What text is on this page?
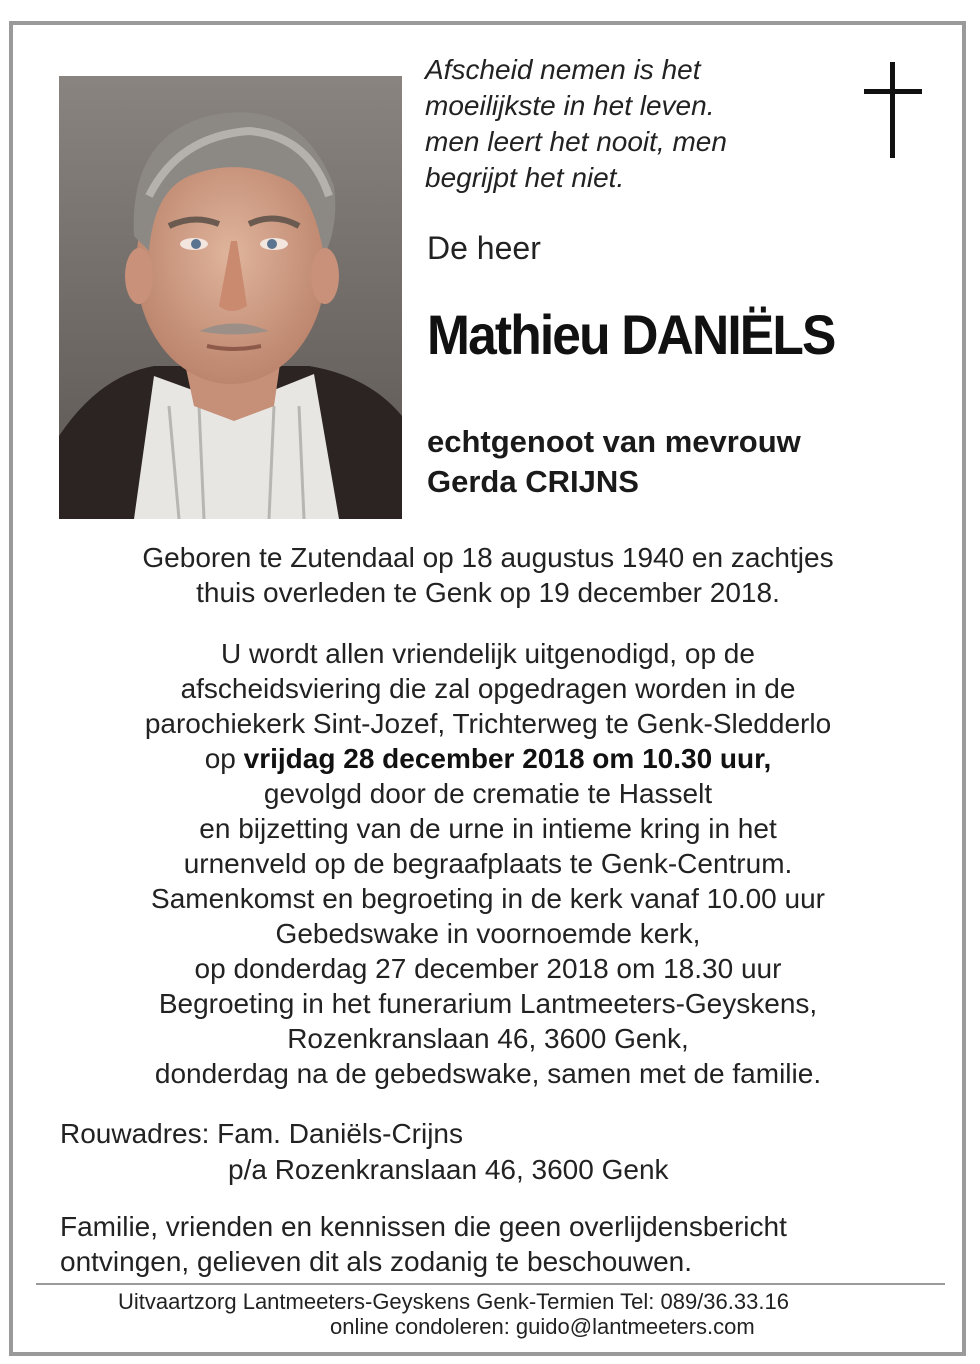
Afscheid nemen is het
moeilijkste in het leven.
men leert het nooit, men
begrijpt het niet.
De heer
Mathieu DANIËLS
echtgenoot van mevrouw
Gerda CRIJNS
Geboren te Zutendaal op 18 augustus 1940 en zachtjes
thuis overleden te Genk op 19 december 2018.
U wordt allen vriendelijk uitgenodigd, op de
afscheidsviering die zal opgedragen worden in de
parochiekerk Sint-Jozef, Trichterweg te Genk-Sledderlo
op vrijdag 28 december 2018 om 10.30 uur,
gevolgd door de crematie te Hasselt
en bijzetting van de urne in intieme kring in het
urnenveld op de begraafplaats te Genk-Centrum.
Samenkomst en begroeting in de kerk vanaf 10.00 uur
Gebedswake in voornoemde kerk,
op donderdag 27 december 2018 om 18.30 uur
Begroeting in het funerarium Lantmeeters-Geyskens,
Rozenkranslaan 46, 3600 Genk,
donderdag na de gebedswake, samen met de familie.
Rouwadres: Fam. Daniëls-Crijns
p/a Rozenkranslaan 46, 3600 Genk
Familie, vrienden en kennissen die geen overlijdensbericht
ontvingen, gelieven dit als zodanig te beschouwen.
Uitvaartzorg Lantmeeters-Geyskens Genk-Termien Tel: 089/36.33.16
online condoleren: guido@lantmeeters.com
